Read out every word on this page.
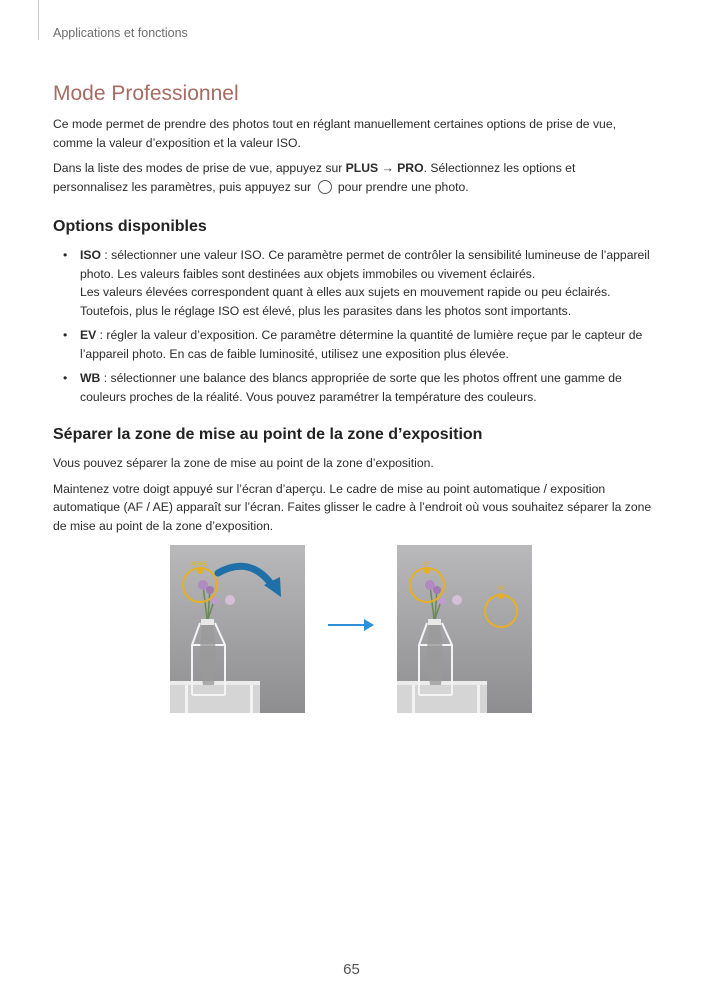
Applications et fonctions
Mode Professionnel

Ce mode permet de prendre des photos tout en réglant manuellement certaines options de prise de vue, comme la valeur d’exposition et la valeur ISO.

Dans la liste des modes de prise de vue, appuyez sur PLUS → PRO. Sélectionnez les options et personnalisez les paramètres, puis appuyez sur pour prendre une photo.

Options disponibles
• ISO : sélectionner une valeur ISO. Ce paramètre permet de contrôler la sensibilité lumineuse de l’appareil photo. Les valeurs faibles sont destinées aux objets immobiles ou vivement éclairés.
Les valeurs élevées correspondent quant à elles aux sujets en mouvement rapide ou peu éclairés. Toutefois, plus le réglage ISO est élevé, plus les parasites dans les photos sont importants.
• EV : régler la valeur d’exposition. Ce paramètre détermine la quantité de lumière reçue par le capteur de l’appareil photo. En cas de faible luminosité, utilisez une exposition plus élevée.
• WB : sélectionner une balance des blancs appropriée de sorte que les photos offrent une gamme de couleurs proches de la réalité. Vous pouvez paramétrer la température des couleurs.
Séparer la zone de mise au point de la zone d’exposition

Vous pouvez séparer la zone de mise au point de la zone d’exposition.

Maintenez votre doigt appuyé sur l’écran d’aperçu. Le cadre de mise au point automatique / exposition automatique (AF / AE) apparaît sur l’écran. Faites glisser le cadre à l’endroit où vous souhaitez séparer la zone de mise au point de la zone d’exposition.

AF/AE	AF
AE
65
